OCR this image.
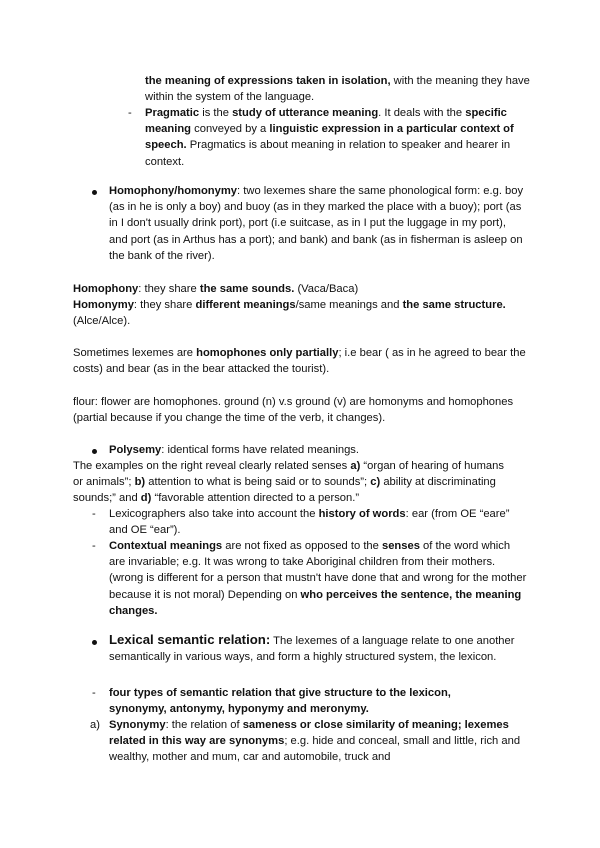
the meaning of expressions taken in isolation, with the meaning they have within the system of the language.

- Pragmatic is the study of utterance meaning. It deals with the specific meaning conveyed by a linguistic expression in a particular context of speech. Pragmatics is about meaning in relation to speaker and hearer in context.

Homophony/homonymy: two lexemes share the same phonological form: e.g. boy (as in he is only a boy) and buoy (as in they marked the place with a buoy); port (as in I don't usually drink port), port (i.e suitcase, as in I put the luggage in my port), and port (as in Arthus has a port); and bank) and bank (as in fisherman is asleep on the bank of the river).

Homophony: they share the same sounds. (Vaca/Baca)

Homonymy: they share different meanings/same meanings and the same structure. (Alce/Alce).

Sometimes lexemes are homophones only partially; i.e bear ( as in he agreed to bear the costs) and bear (as in the bear attacked the tourist).

flour: flower are homophones. ground (n) v.s ground (v) are homonyms and homophones (partial because if you change the time of the verb, it changes).

Polysemy: identical forms have related meanings.

The examples on the right reveal clearly related senses a) “organ of hearing of humans or animals”; b) attention to what is being said or to sounds”; c) ability at discriminating sounds;” and d) “favorable attention directed to a person.”

- Lexicographers also take into account the history of words: ear (from OE “eare” and OE “ear”).

- Contextual meanings are not fixed as opposed to the senses of the word which are invariable; e.g. It was wrong to take Aboriginal children from their mothers. (wrong is different for a person that mustn't have done that and wrong for the mother because it is not moral) Depending on who perceives the sentence, the meaning changes.

Lexical semantic relation: The lexemes of a language relate to one another semantically in various ways, and form a highly structured system, the lexicon.

- four types of semantic relation that give structure to the lexicon, synonymy, antonymy, hyponymy and meronymy.

a) Synonymy: the relation of sameness or close similarity of meaning; lexemes related in this way are synonyms; e.g. hide and conceal, small and little, rich and wealthy, mother and mum, car and automobile, truck and
